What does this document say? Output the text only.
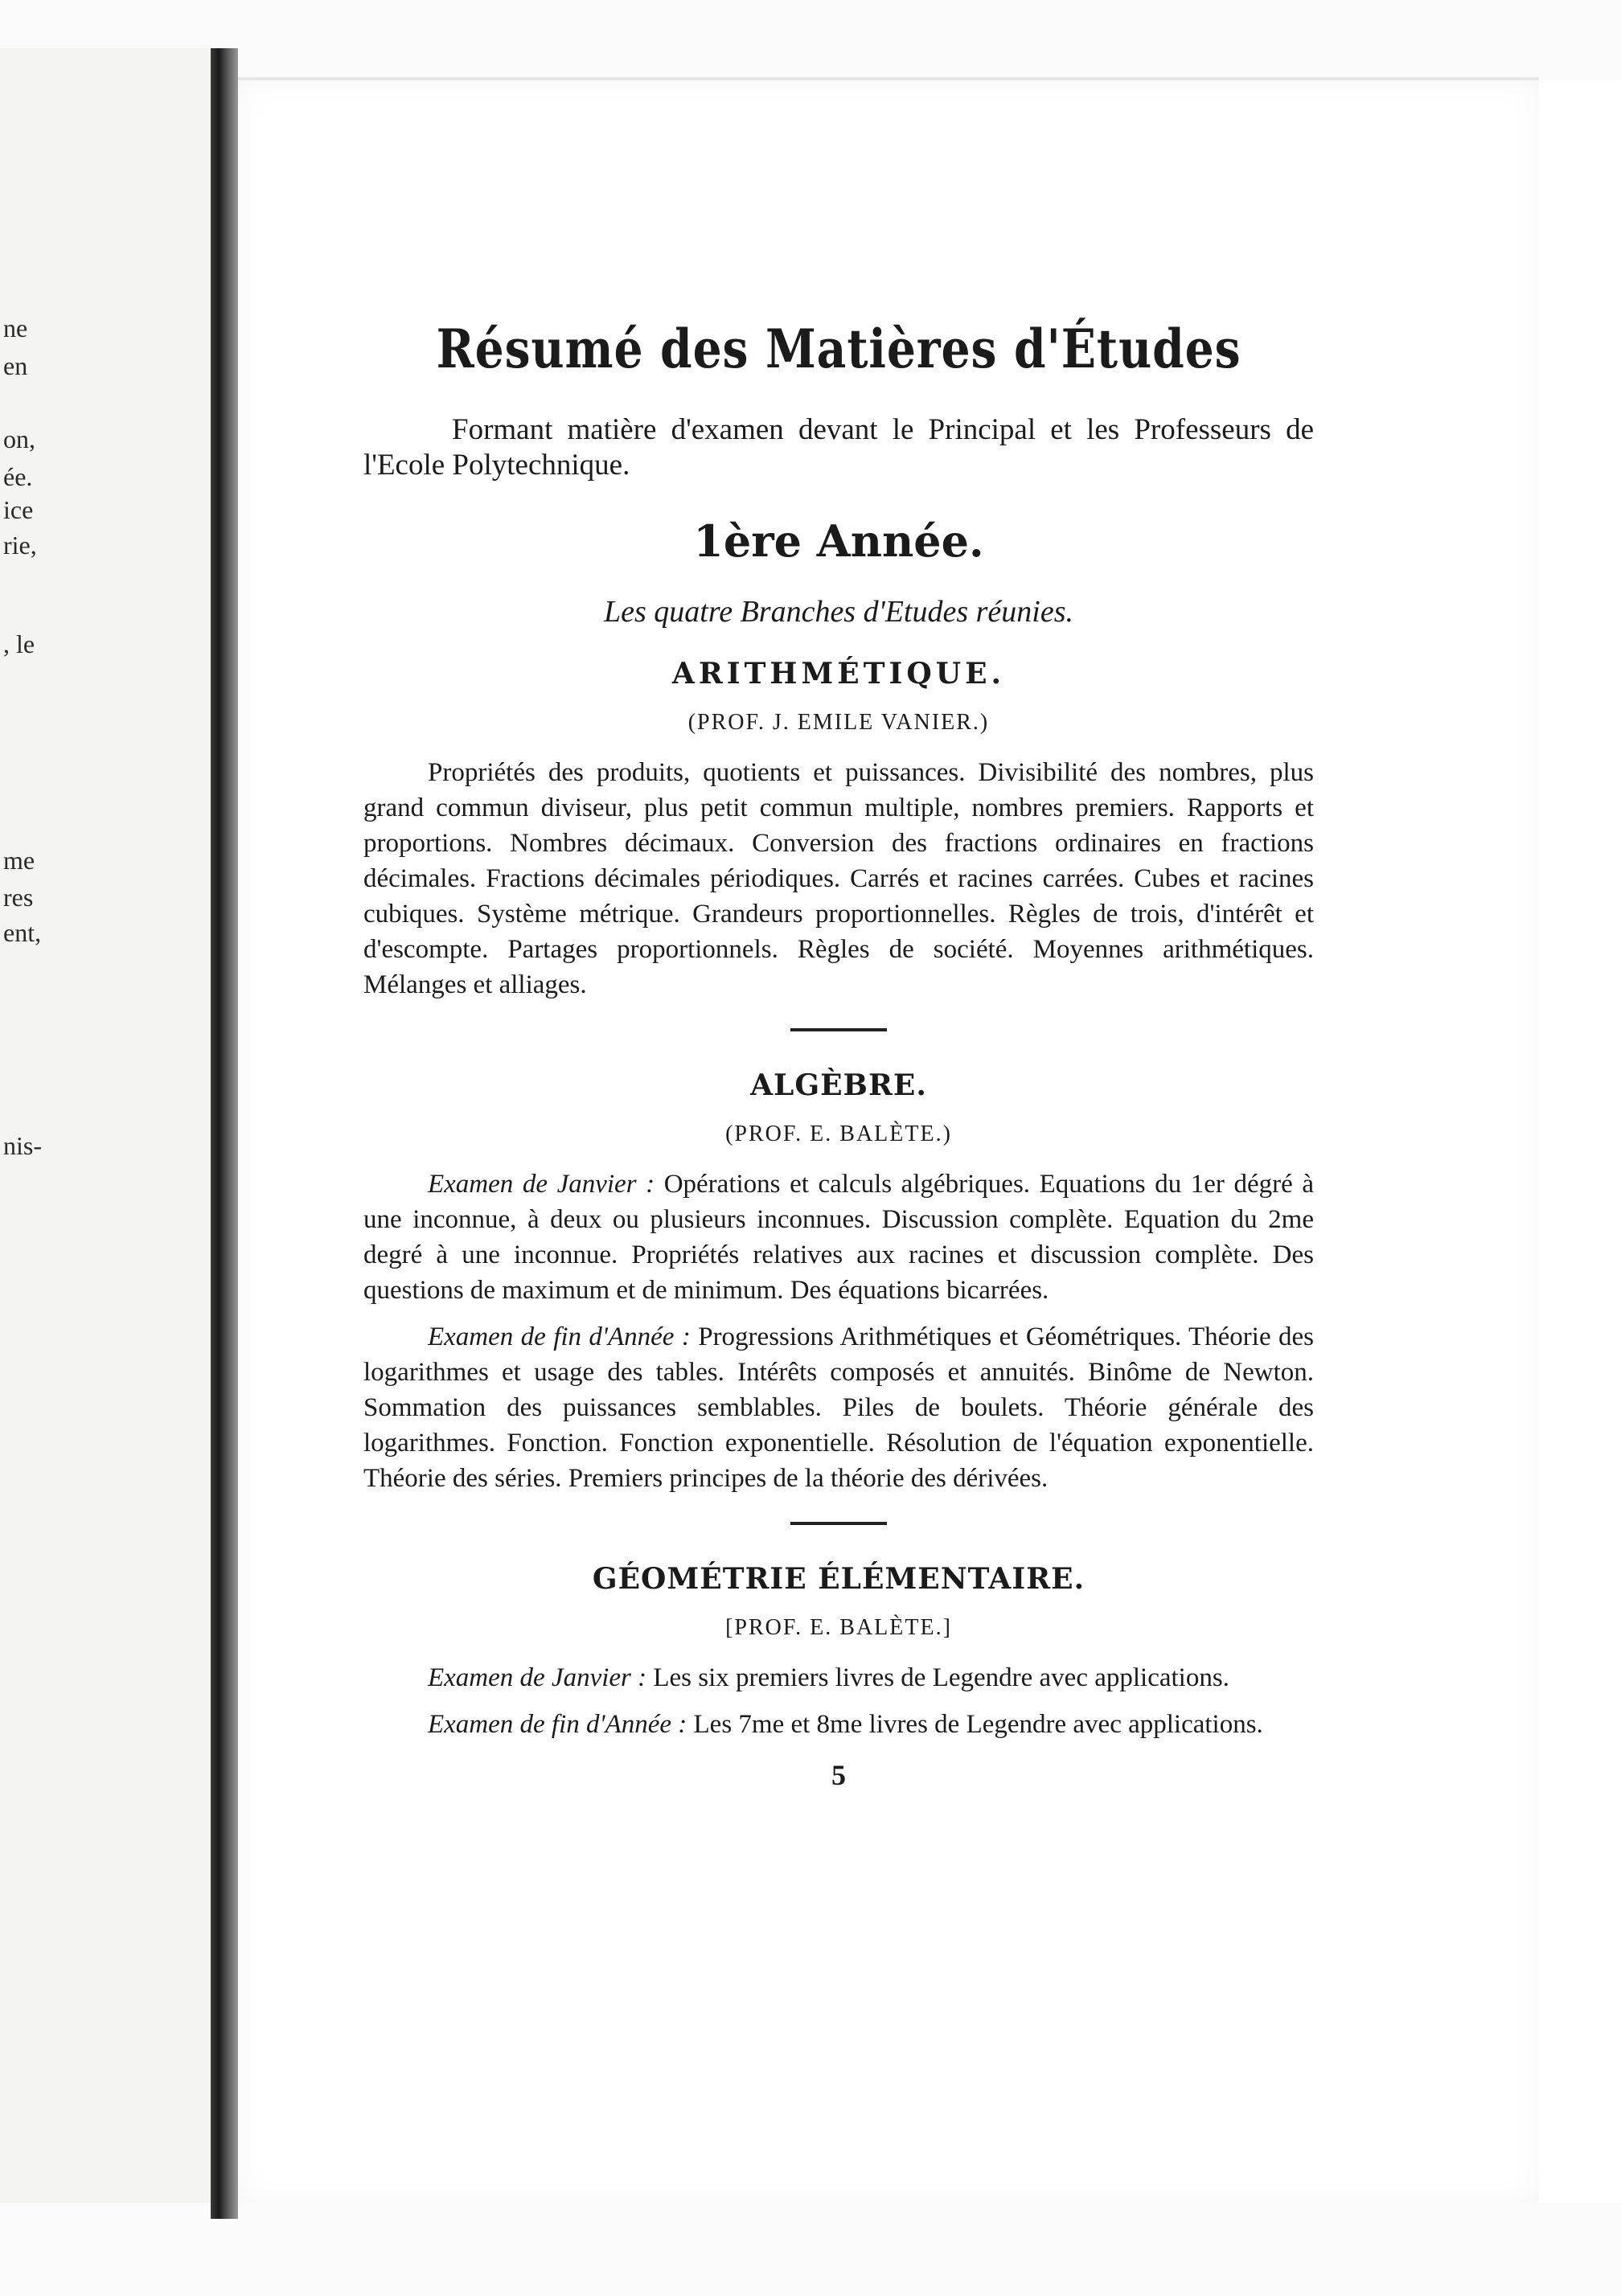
ne
en
on,
ée.
ice
rie,
, le
me
res
ent,
nis-
Résumé des Matières d'Études

Formant matière d'examen devant le Principal et les Professeurs de l'Ecole Polytechnique.

1ère Année.
Les quatre Branches d'Etudes réunies.
ARITHMÉTIQUE.
(PROF. J. EMILE VANIER.)

Propriétés des produits, quotients et puissances. Divisibilité des nombres, plus grand commun diviseur, plus petit commun multiple, nombres premiers. Rapports et proportions. Nombres décimaux. Conversion des fractions ordinaires en fractions décimales. Fractions décimales périodiques. Carrés et racines carrées. Cubes et racines cubiques. Système métrique. Grandeurs proportionnelles. Règles de trois, d'intérêt et d'escompte. Partages proportionnels. Règles de société. Moyennes arithmétiques. Mélanges et alliages.

ALGÈBRE.
(PROF. E. BALÈTE.)

Examen de Janvier : Opérations et calculs algébriques. Equations du 1er dégré à une inconnue, à deux ou plusieurs inconnues. Discussion complète. Equation du 2me degré à une inconnue. Propriétés relatives aux racines et discussion complète. Des questions de maximum et de minimum. Des équations bicarrées.

Examen de fin d'Année : Progressions Arithmétiques et Géométriques. Théorie des logarithmes et usage des tables. Intérêts composés et annuités. Binôme de Newton. Sommation des puissances semblables. Piles de boulets. Théorie générale des logarithmes. Fonction. Fonction exponentielle. Résolution de l'équation exponentielle. Théorie des séries. Premiers principes de la théorie des dérivées.

GÉOMÉTRIE ÉLÉMENTAIRE.
[PROF. E. BALÈTE.]

Examen de Janvier : Les six premiers livres de Legendre avec applications.

Examen de fin d'Année : Les 7me et 8me livres de Legendre avec applications.

5
